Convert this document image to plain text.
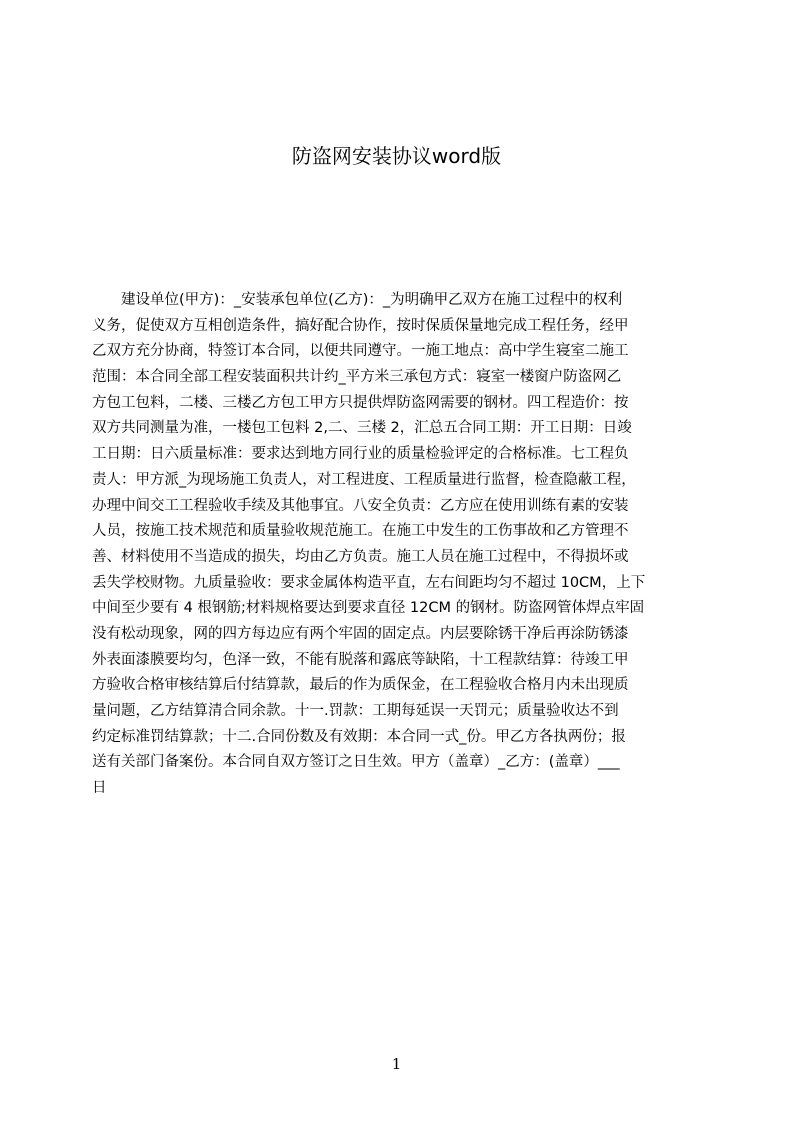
防盗网安装协议word版
　　建设单位(甲方)：_安装承包单位(乙方)：_为明确甲乙双方在施工过程中的权利
义务，促使双方互相创造条件，搞好配合协作，按时保质保量地完成工程任务，经甲
乙双方充分协商，特签订本合同，以便共同遵守。一施工地点：高中学生寝室二施工
范围：本合同全部工程安装面积共计约_平方米三承包方式：寝室一楼窗户防盗网乙
方包工包料，二楼、三楼乙方包工甲方只提供焊防盗网需要的钢材。四工程造价：按
双方共同测量为准，一楼包工包料 2,二、三楼 2，汇总五合同工期：开工日期：日竣
工日期：日六质量标准：要求达到地方同行业的质量检验评定的合格标准。七工程负
责人：甲方派_为现场施工负责人，对工程进度、工程质量进行监督，检查隐蔽工程，
办理中间交工工程验收手续及其他事宜。八安全负责：乙方应在使用训练有素的安装
人员，按施工技术规范和质量验收规范施工。在施工中发生的工伤事故和乙方管理不
善、材料使用不当造成的损失，均由乙方负责。施工人员在施工过程中，不得损坏或
丢失学校财物。九质量验收：要求金属体构造平直，左右间距均匀不超过 10CM，上下
中间至少要有 4 根钢筋;材料规格要达到要求直径 12CM 的钢材。防盗网管体焊点牢固
没有松动现象，网的四方每边应有两个牢固的固定点。内层要除锈干净后再涂防锈漆
外表面漆膜要均匀，色泽一致，不能有脱落和露底等缺陷，十工程款结算：待竣工甲
方验收合格审核结算后付结算款，最后的作为质保金，在工程验收合格月内未出现质
量问题，乙方结算清合同余款。十一.罚款：工期每延误一天罚元；质量验收达不到
约定标准罚结算款；十二.合同份数及有效期：本合同一式_份。甲乙方各执两份；报
送有关部门备案份。本合同自双方签订之日生效。甲方（盖章）_乙方：(盖章）___
日
1
